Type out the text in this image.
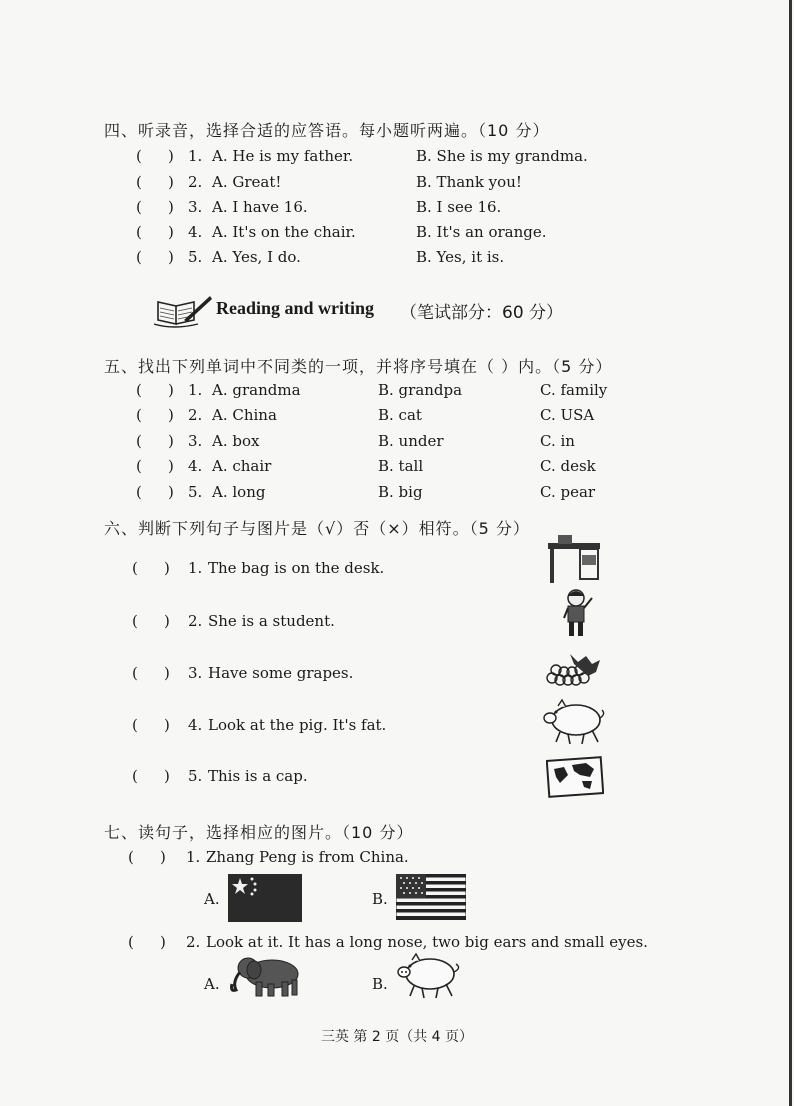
四、听录音，选择合适的应答语。每小题听两遍。（10 分）
( ) 1. A. He is my father.	B. She is my grandma.
( ) 2. A. Great!	B. Thank you!
( ) 3. A. I have 16.	B. I see 16.
( ) 4. A. It's on the chair.	B. It's an orange.
( ) 5. A. Yes, I do.	B. Yes, it is.
Reading and writing （笔试部分：60 分）
五、找出下列单词中不同类的一项，并将序号填在（ ）内。（5 分）
( ) 1. A. grandma	B. grandpa	C. family
( ) 2. A. China	B. cat	C. USA
( ) 3. A. box	B. under	C. in
( ) 4. A. chair	B. tall	C. desk
( ) 5. A. long	B. big	C. pear
六、判断下列句子与图片是（√）否（×）相符。（5 分）
( ) 1. The bag is on the desk.
( ) 2. She is a student.
( ) 3. Have some grapes.
( ) 4. Look at the pig. It's fat.
( ) 5. This is a cap.
七、读句子，选择相应的图片。（10 分）
( ) 1. Zhang Peng is from China.
A.	B.
( ) 2. Look at it. It has a long nose, two big ears and small eyes.
A.	B.
三英 第 2 页（共 4 页）
